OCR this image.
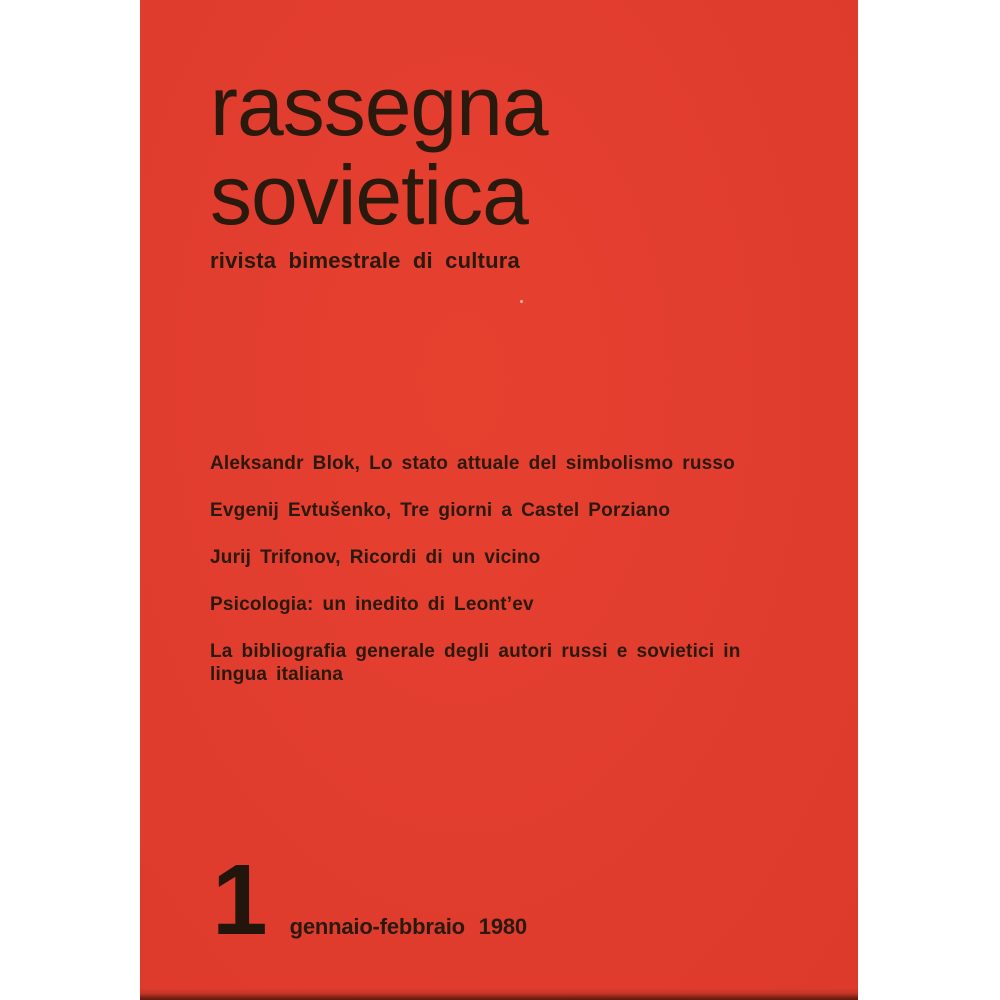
rassegna
sovietica
rivista bimestrale di cultura
Aleksandr Blok, Lo stato attuale del simbolismo russo
Evgenij Evtušenko, Tre giorni a Castel Porziano
Jurij Trifonov, Ricordi di un vicino
Psicologia: un inedito di Leont’ev
La bibliografia generale degli autori russi e sovietici in lingua italiana
1 gennaio-febbraio 1980
